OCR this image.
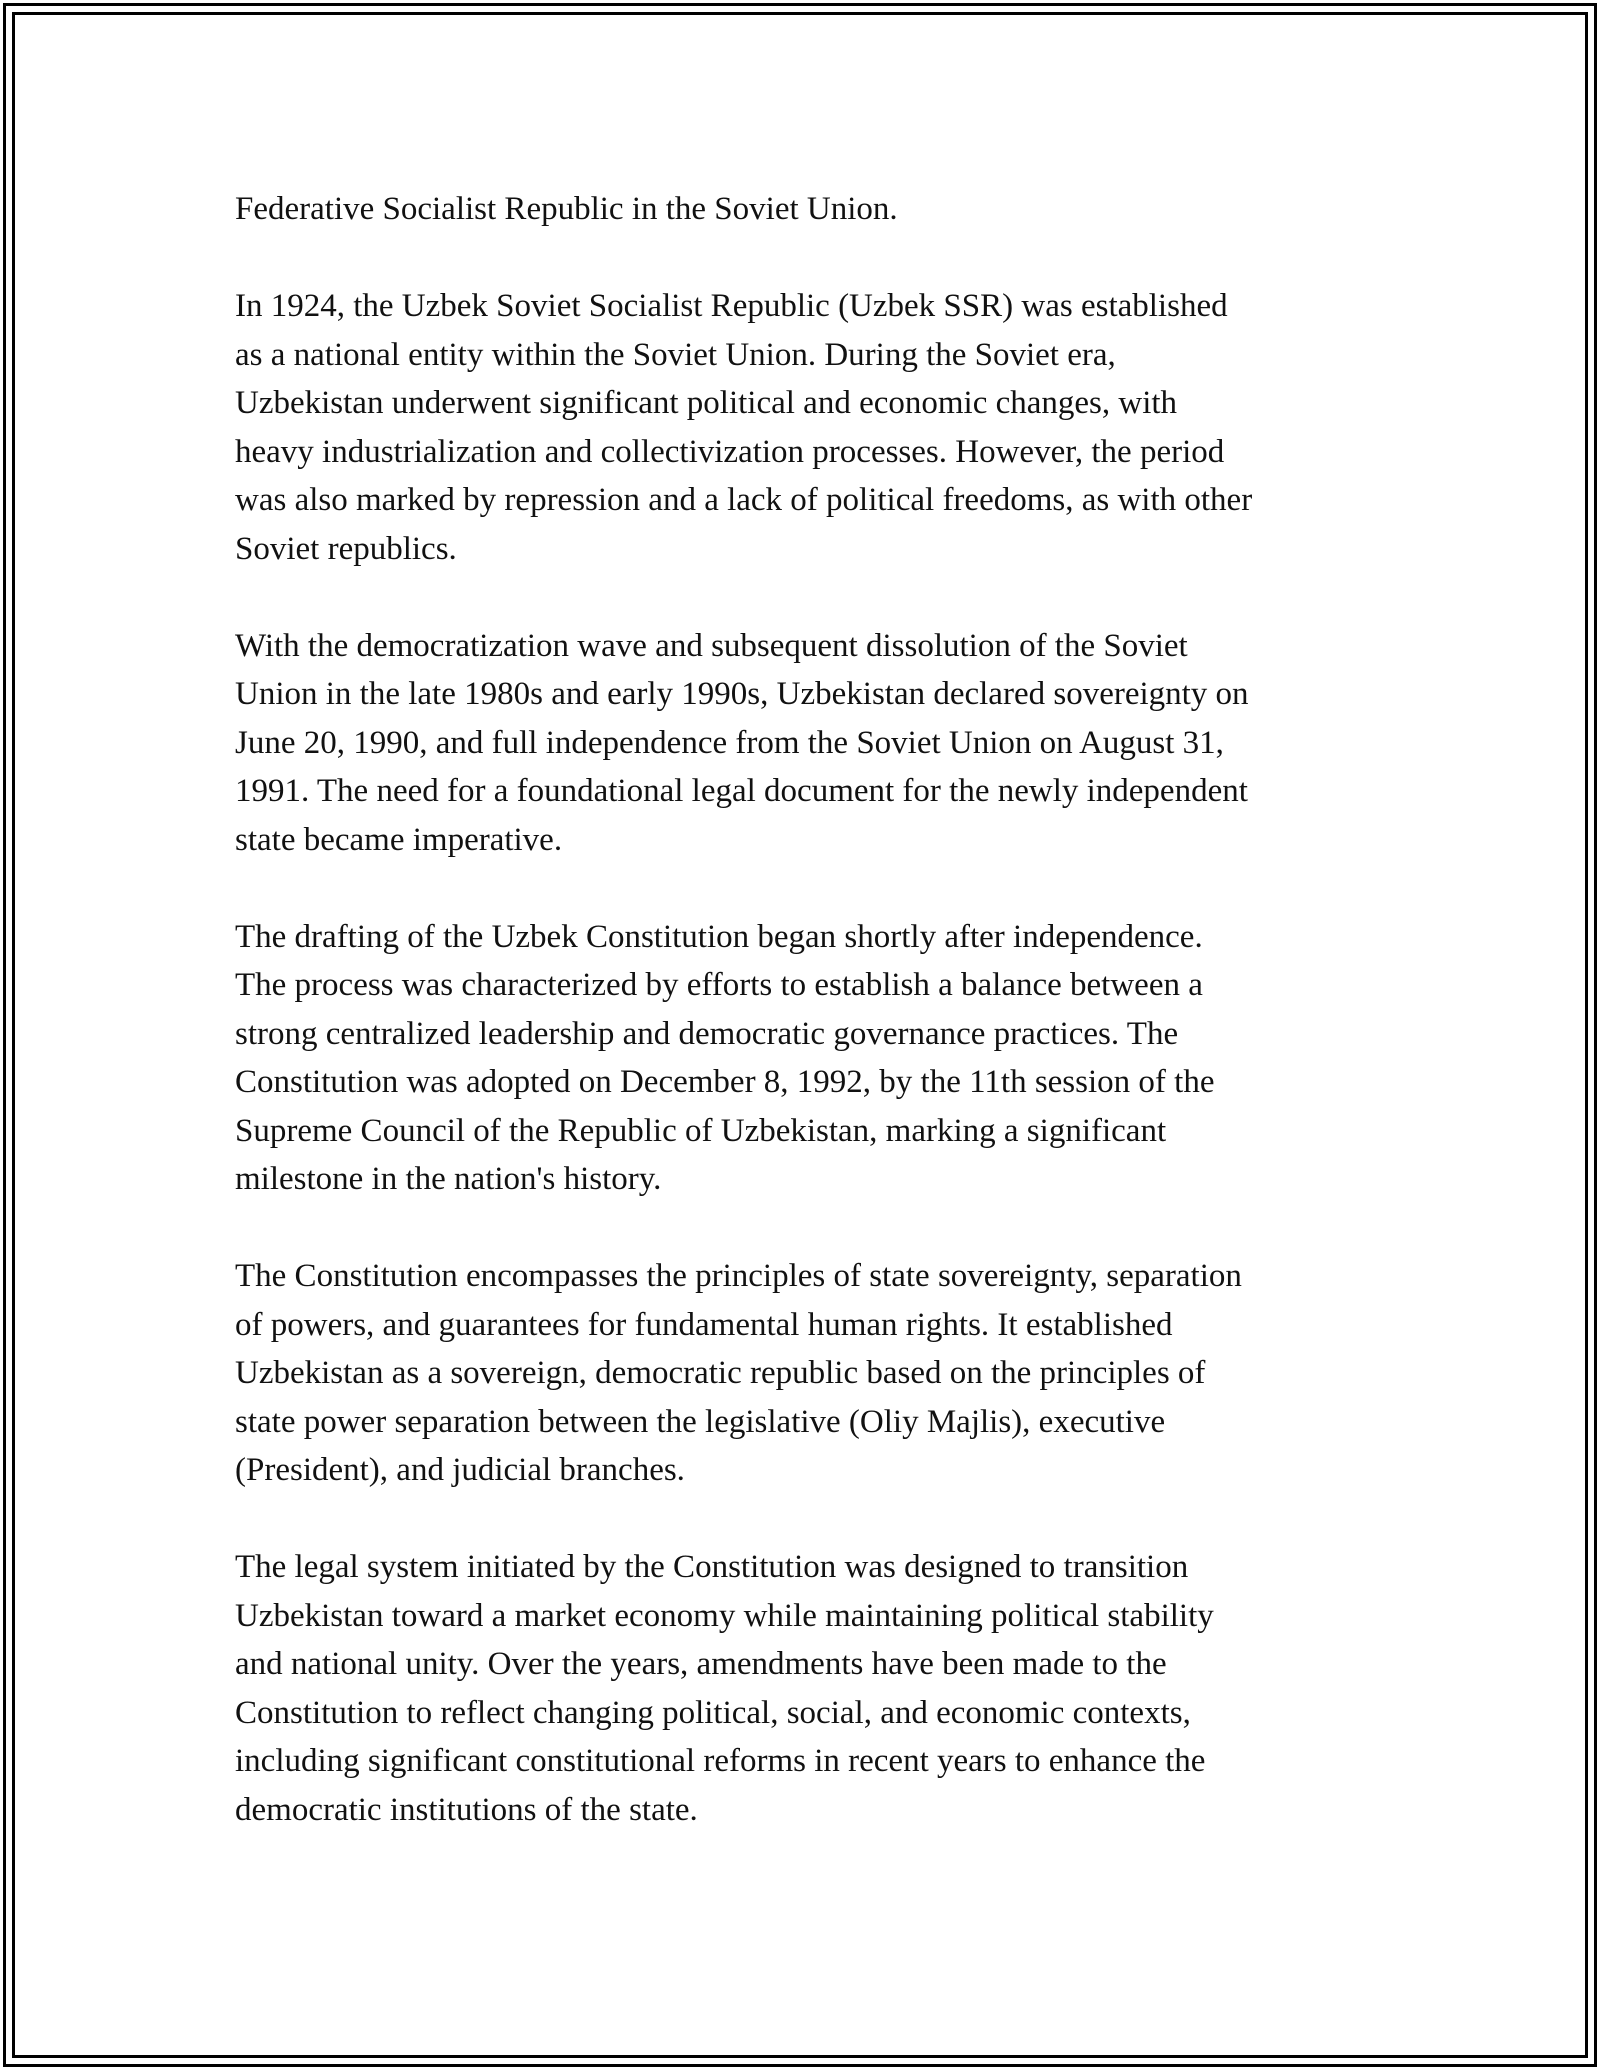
Federative Socialist Republic in the Soviet Union.

In 1924, the Uzbek Soviet Socialist Republic (Uzbek SSR) was established
as a national entity within the Soviet Union. During the Soviet era,
Uzbekistan underwent significant political and economic changes, with
heavy industrialization and collectivization processes. However, the period
was also marked by repression and a lack of political freedoms, as with other
Soviet republics.

With the democratization wave and subsequent dissolution of the Soviet
Union in the late 1980s and early 1990s, Uzbekistan declared sovereignty on
June 20, 1990, and full independence from the Soviet Union on August 31,
1991. The need for a foundational legal document for the newly independent
state became imperative.

The drafting of the Uzbek Constitution began shortly after independence.
The process was characterized by efforts to establish a balance between a
strong centralized leadership and democratic governance practices. The
Constitution was adopted on December 8, 1992, by the 11th session of the
Supreme Council of the Republic of Uzbekistan, marking a significant
milestone in the nation's history.

The Constitution encompasses the principles of state sovereignty, separation
of powers, and guarantees for fundamental human rights. It established
Uzbekistan as a sovereign, democratic republic based on the principles of
state power separation between the legislative (Oliy Majlis), executive
(President), and judicial branches.

The legal system initiated by the Constitution was designed to transition
Uzbekistan toward a market economy while maintaining political stability
and national unity. Over the years, amendments have been made to the
Constitution to reflect changing political, social, and economic contexts,
including significant constitutional reforms in recent years to enhance the
democratic institutions of the state.
